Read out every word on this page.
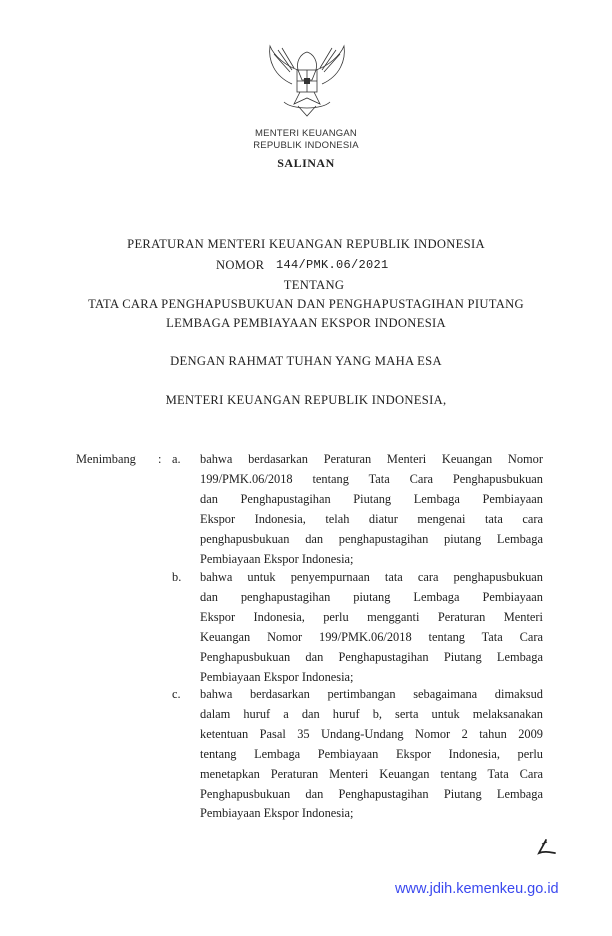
MENTERI KEUANGAN
REPUBLIK INDONESIA
SALINAN
PERATURAN MENTERI KEUANGAN REPUBLIK INDONESIA
NOMOR 144/PMK.06/2021
TENTANG
TATA CARA PENGHAPUSBUKUAN DAN PENGHAPUSTAGIHAN PIUTANG
LEMBAGA PEMBIAYAAN EKSPOR INDONESIA
DENGAN RAHMAT TUHAN YANG MAHA ESA
MENTERI KEUANGAN REPUBLIK INDONESIA,
Menimbang : a. bahwa berdasarkan Peraturan Menteri Keuangan Nomor
199/PMK.06/2018 tentang Tata Cara Penghapusbukuan
dan Penghapustagihan Piutang Lembaga Pembiayaan
Ekspor Indonesia, telah diatur mengenai tata cara
penghapusbukuan dan penghapustagihan piutang Lembaga
Pembiayaan Ekspor Indonesia;
b. bahwa untuk penyempurnaan tata cara penghapusbukuan
dan penghapustagihan piutang Lembaga Pembiayaan
Ekspor Indonesia, perlu mengganti Peraturan Menteri
Keuangan Nomor 199/PMK.06/2018 tentang Tata Cara
Penghapusbukuan dan Penghapustagihan Piutang Lembaga
Pembiayaan Ekspor Indonesia;
c. bahwa berdasarkan pertimbangan sebagaimana dimaksud
dalam huruf a dan huruf b, serta untuk melaksanakan
ketentuan Pasal 35 Undang-Undang Nomor 2 tahun 2009
tentang Lembaga Pembiayaan Ekspor Indonesia, perlu
menetapkan Peraturan Menteri Keuangan tentang Tata Cara
Penghapusbukuan dan Penghapustagihan Piutang Lembaga
Pembiayaan Ekspor Indonesia;
www.jdih.kemenkeu.go.id
